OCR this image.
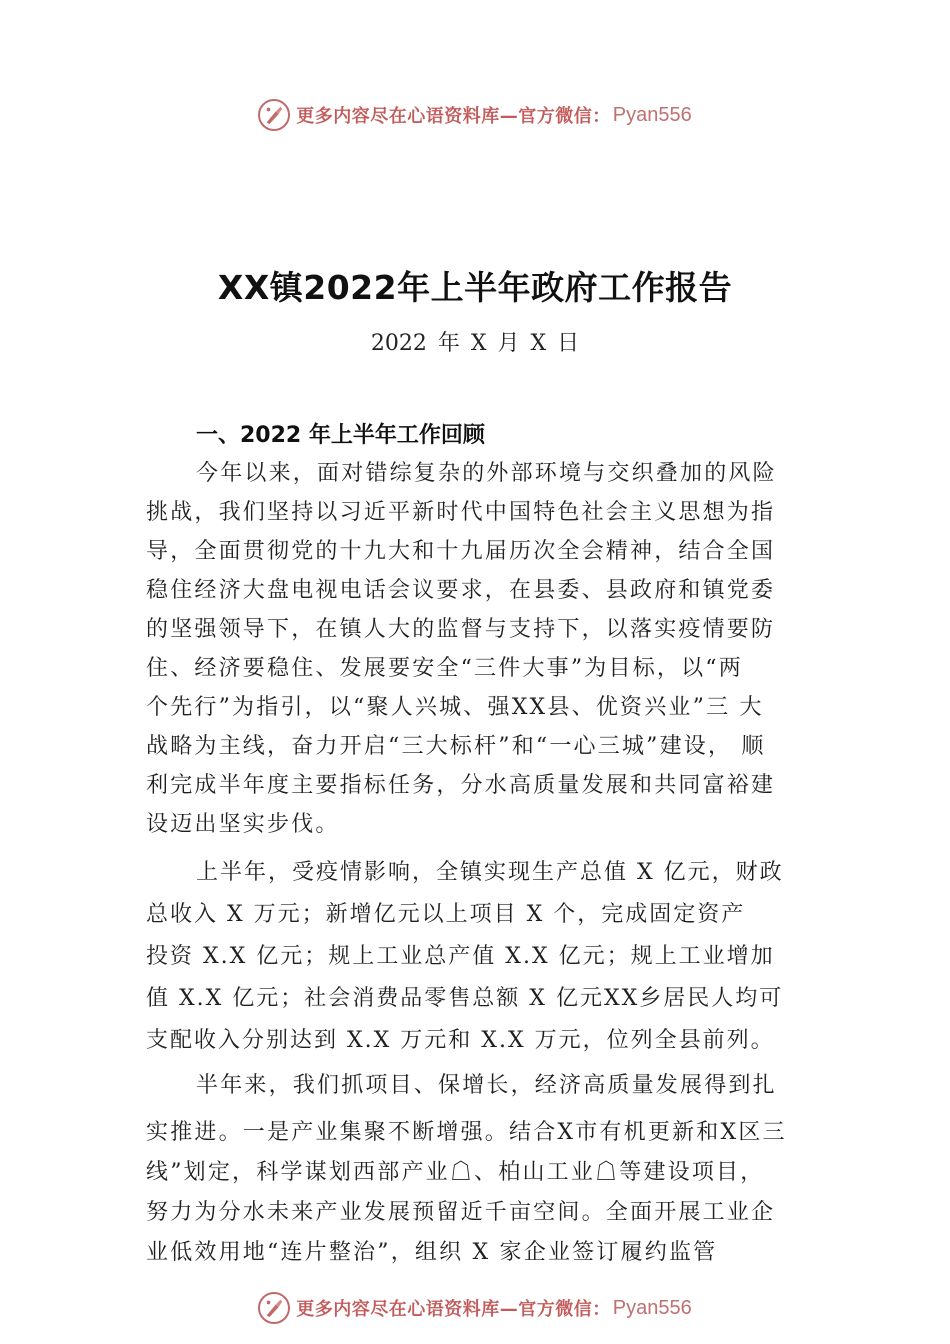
更多内容尽在心语资料库—官方微信： Pyan556
XX镇2022年上半年政府工作报告
2022 年 X 月 X 日
一、2022 年上半年工作回顾
今年以来，面对错综复杂的外部环境与交织叠加的风险
挑战，我们坚持以习近平新时代中国特色社会主义思想为指
导，全面贯彻党的十九大和十九届历次全会精神，结合全国
稳住经济大盘电视电话会议要求，在县委、县政府和镇党委
的坚强领导下，在镇人大的监督与支持下，以落实疫情要防
住、经济要稳住、发展要安全“三件大事”为目标，以“两
个先行”为指引，以“聚人兴城、强XX县、优资兴业”三 大
战略为主线，奋力开启“三大标杆”和“一心三城”建设， 顺
利完成半年度主要指标任务，分水高质量发展和共同富裕建
设迈出坚实步伐。
上半年，受疫情影响，全镇实现生产总值 X 亿元，财政
总收入 X 万元；新增亿元以上项目 X 个，完成固定资产
投资 X.X 亿元；规上工业总产值 X.X 亿元；规上工业增加
值 X.X 亿元；社会消费品零售总额 X 亿元XX乡居民人均可
支配收入分别达到 X.X 万元和 X.X 万元，位列全县前列。
半年来，我们抓项目、保增长，经济高质量发展得到扎
实推进。一是产业集聚不断增强。结合X市有机更新和X区三
线”划定，科学谋划西部产业☖、柏山工业☖等建设项目，
努力为分水未来产业发展预留近千亩空间。全面开展工业企
业低效用地“连片整治”，组织 X 家企业签订履约监管
更多内容尽在心语资料库—官方微信： Pyan556
